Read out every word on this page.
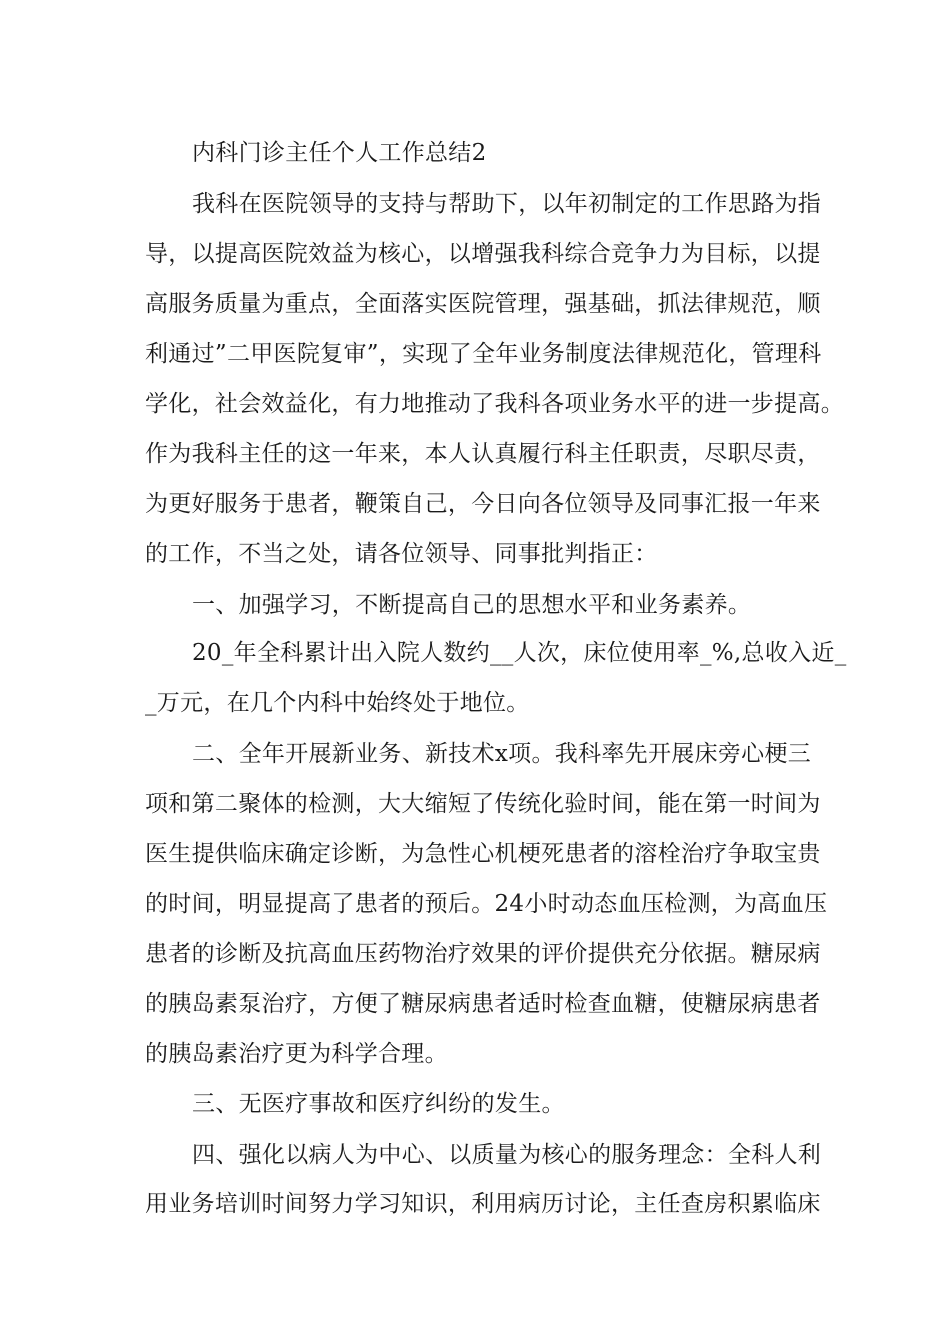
内科门诊主任个人工作总结2
我科在医院领导的支持与帮助下，以年初制定的工作思路为指
导，以提高医院效益为核心，以增强我科综合竞争力为目标，以提
高服务质量为重点，全面落实医院管理，强基础，抓法律规范，顺
利通过”二甲医院复审”，实现了全年业务制度法律规范化，管理科
学化，社会效益化，有力地推动了我科各项业务水平的进一步提高。
作为我科主任的这一年来，本人认真履行科主任职责，尽职尽责，
为更好服务于患者，鞭策自己，今日向各位领导及同事汇报一年来
的工作，不当之处，请各位领导、同事批判指正：
一、加强学习，不断提高自己的思想水平和业务素养。
20_年全科累计出入院人数约__人次，床位使用率_%,总收入近_
_万元，在几个内科中始终处于地位。
二、全年开展新业务、新技术x项。我科率先开展床旁心梗三
项和第二聚体的检测，大大缩短了传统化验时间，能在第一时间为
医生提供临床确定诊断，为急性心机梗死患者的溶栓治疗争取宝贵
的时间，明显提高了患者的预后。24小时动态血压检测，为高血压
患者的诊断及抗高血压药物治疗效果的评价提供充分依据。糖尿病
的胰岛素泵治疗，方便了糖尿病患者适时检查血糖，使糖尿病患者
的胰岛素治疗更为科学合理。
三、无医疗事故和医疗纠纷的发生。
四、强化以病人为中心、以质量为核心的服务理念：全科人利
用业务培训时间努力学习知识，利用病历讨论，主任查房积累临床
